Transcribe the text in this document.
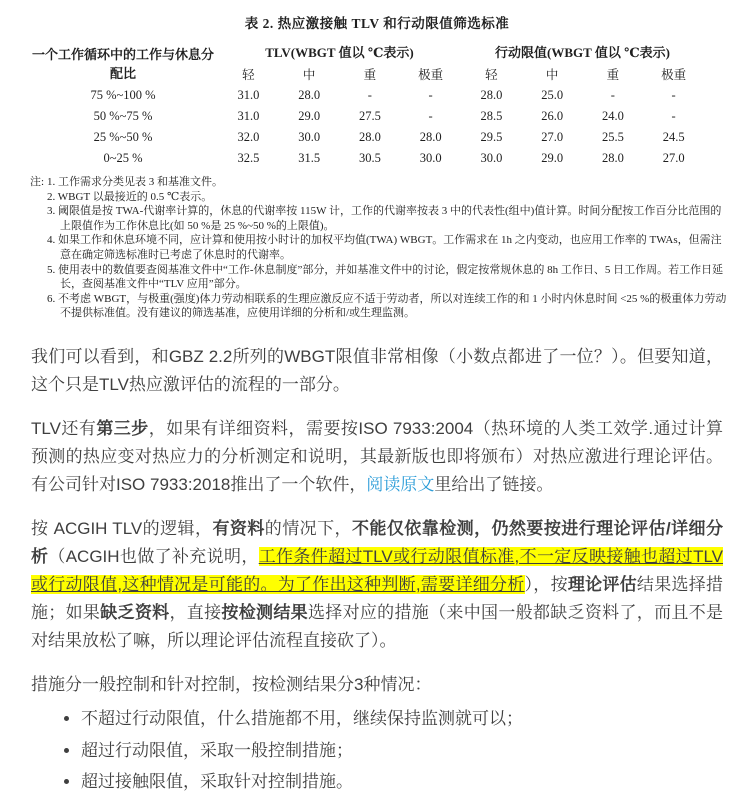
表 2. 热应激接触 TLV 和行动限值筛选标准
一个工作循环中的工作与休息分配比	TLV(WBGT 值以 ℃表示)				行动限值(WBGT 值以 ℃表示)			
	轻	中	重	极重	轻	中	重	极重
75 %~100 %	31.0	28.0	-	-	28.0	25.0	-	-
50 %~75 %	31.0	29.0	27.5	-	28.5	26.0	24.0	-
25 %~50 %	32.0	30.0	28.0	28.0	29.5	27.0	25.5	24.5
0~25 %	32.5	31.5	30.5	30.0	30.0	29.0	28.0	27.0
注: 1. 工作需求分类见表 3 和基准文件。
2. WBGT 以最接近的 0.5 ℃表示。
3. 阈限值是按 TWA-代谢率计算的，休息的代谢率按 115W 计，工作的代谢率按表 3 中的代表性(组中)值计算。时间分配按工作百分比范围的上限值作为工作休息比(如 50 %是 25 %~50 %的上限值)。
4. 如果工作和休息环境不同，应计算和使用按小时计的加权平均值(TWA) WBGT。工作需求在 1h 之内变动，也应用工作率的 TWAs，但需注意在确定筛选标准时已考虑了休息时的代谢率。
5. 使用表中的数值要查阅基准文件中“工作-休息制度”部分，并如基准文件中的讨论，假定按常规休息的 8h 工作日、5 日工作周。若工作日延长，查阅基准文件中“TLV 应用”部分。
6. 不考虑 WBGT，与极重(强度)体力劳动相联系的生理应激反应不适于劳动者，所以对连续工作的和 1 小时内休息时间 <25 %的极重体力劳动不提供标准值。没有建议的筛选基准，应使用详细的分析和/或生理监测。

我们可以看到，和GBZ 2.2所列的WBGT限值非常相像（小数点都进了一位？）。但要知道，这个只是TLV热应激评估的流程的一部分。

TLV还有第三步，如果有详细资料，需要按ISO 7933:2004（热环境的人类工效学.通过计算预测的热应变对热应力的分析测定和说明，其最新版也即将颁布）对热应激进行理论评估。有公司针对ISO 7933:2018推出了一个软件，阅读原文里给出了链接。

按 ACGIH TLV的逻辑，有资料的情况下，不能仅依靠检测，仍然要按进行理论评估/详细分析（ACGIH也做了补充说明，工作条件超过TLV或行动限值标准,不一定反映接触也超过TLV或行动限值,这种情况是可能的。为了作出这种判断,需要详细分析），按理论评估结果选择措施；如果缺乏资料，直接按检测结果选择对应的措施（来中国一般都缺乏资料了，而且不是对结果放松了嘛，所以理论评估流程直接砍了）。

措施分一般控制和针对控制，按检测结果分3种情况：

• 不超过行动限值，什么措施都不用，继续保持监测就可以；
• 超过行动限值，采取一般控制措施；
• 超过接触限值，采取针对控制措施。
